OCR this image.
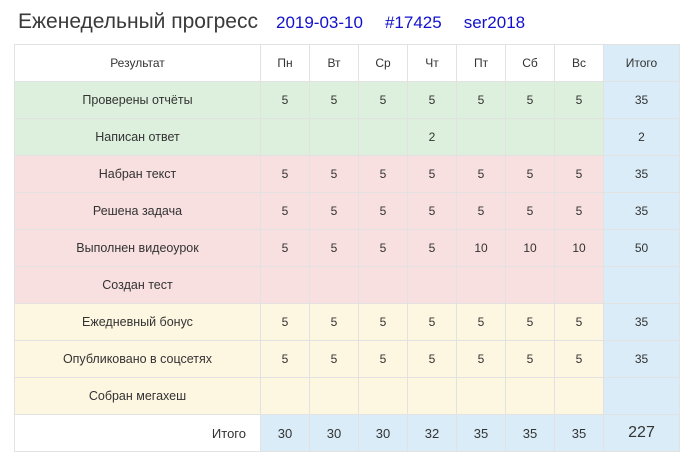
Еженедельный прогресс 2019-03-10 #17425 ser2018
Результат	Пн	Вт	Ср	Чт	Пт	Сб	Вс	Итого
Проверены отчёты	5	5	5	5	5	5	5	35
Написан ответ				2				2
Набран текст	5	5	5	5	5	5	5	35
Решена задача	5	5	5	5	5	5	5	35
Выполнен видеоурок	5	5	5	5	10	10	10	50
Создан тест								
Ежедневный бонус	5	5	5	5	5	5	5	35
Опубликовано в соцсетях	5	5	5	5	5	5	5	35
Собран мегахеш								
Итого	30	30	30	32	35	35	35	227
